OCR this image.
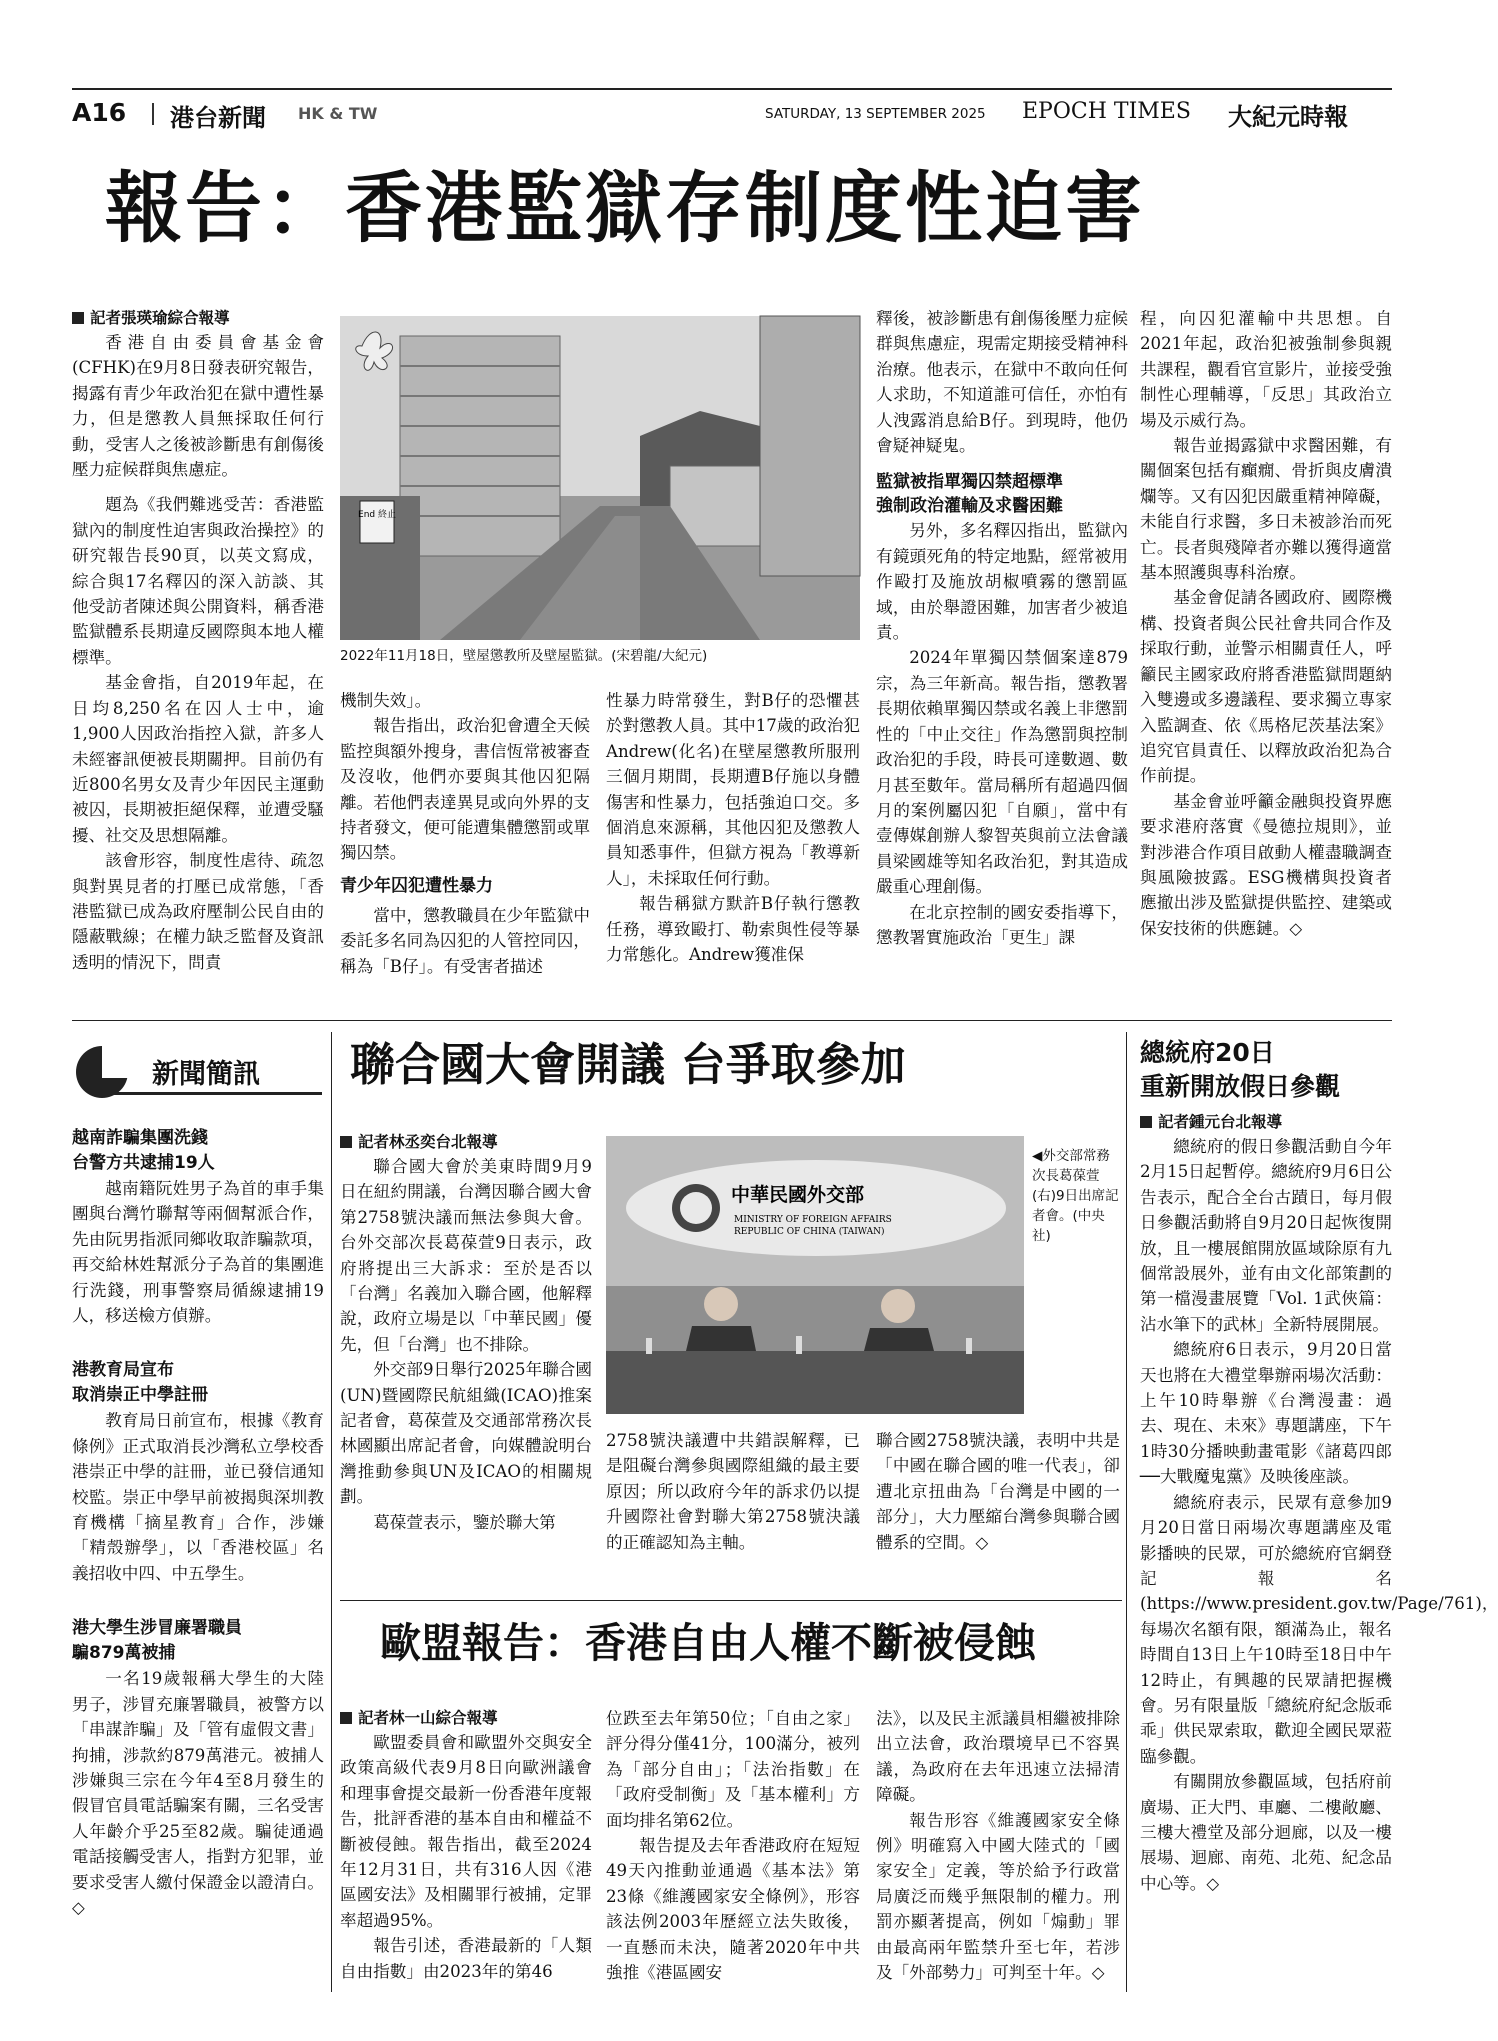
A16 港台新聞 HK & TW	SATURDAY, 13 SEPTEMBER 2025 EPOCH TIMES 大紀元時報
報告：香港監獄存制度性迫害
記者張瑛瑜綜合報導

香港自由委員會基金會(CFHK)在9月8日發表研究報告，揭露有青少年政治犯在獄中遭性暴力，但是懲教人員無採取任何行動，受害人之後被診斷患有創傷後壓力症候群與焦慮症。

題為《我們難逃受苦：香港監獄內的制度性迫害與政治操控》的研究報告長90頁，以英文寫成，綜合與17名釋囚的深入訪談、其他受訪者陳述與公開資料，稱香港監獄體系長期違反國際與本地人權標準。

基金會指，自2019年起，在日均8,250名在囚人士中，逾1,900人因政治指控入獄，許多人未經審訊便被長期關押。目前仍有近800名男女及青少年因民主運動被囚，長期被拒絕保釋，並遭受騷擾、社交及思想隔離。

該會形容，制度性虐待、疏忽與對異見者的打壓已成常態，「香港監獄已成為政府壓制公民自由的隱蔽戰線；在權力缺乏監督及資訊透明的情況下，問責

End 終止
2022年11月18日，壁屋懲教所及壁屋監獄。(宋碧龍/大紀元)

機制失效」。

報告指出，政治犯會遭全天候監控與額外搜身，書信恆常被審查及沒收，他們亦要與其他囚犯隔離。若他們表達異見或向外界的支持者發文，便可能遭集體懲罰或單獨囚禁。

青少年囚犯遭性暴力

當中，懲教職員在少年監獄中委託多名同為囚犯的人管控同囚，稱為「B仔」。有受害者描述

性暴力時常發生，對B仔的恐懼甚於對懲教人員。其中17歲的政治犯Andrew(化名)在壁屋懲教所服刑三個月期間，長期遭B仔施以身體傷害和性暴力，包括強迫口交。多個消息來源稱，其他囚犯及懲教人員知悉事件，但獄方視為「教導新人」，未採取任何行動。

報告稱獄方默許B仔執行懲教任務，導致毆打、勒索與性侵等暴力常態化。Andrew獲准保

釋後，被診斷患有創傷後壓力症候群與焦慮症，現需定期接受精神科治療。他表示，在獄中不敢向任何人求助，不知道誰可信任，亦怕有人洩露消息給B仔。到現時，他仍會疑神疑鬼。

監獄被指單獨囚禁超標準
強制政治灌輸及求醫困難

另外，多名釋囚指出，監獄內有鏡頭死角的特定地點，經常被用作毆打及施放胡椒噴霧的懲罰區域，由於舉證困難，加害者少被追責。

2024年單獨囚禁個案達879宗，為三年新高。報告指，懲教署長期依賴單獨囚禁或名義上非懲罰性的「中止交往」作為懲罰與控制政治犯的手段，時長可達數週、數月甚至數年。當局稱所有超過四個月的案例屬囚犯「自願」，當中有壹傳媒創辦人黎智英與前立法會議員梁國雄等知名政治犯，對其造成嚴重心理創傷。

在北京控制的國安委指導下，懲教署實施政治「更生」課

程，向囚犯灌輸中共思想。自2021年起，政治犯被強制參與親共課程，觀看官宣影片，並接受強制性心理輔導，「反思」其政治立場及示威行為。

報告並揭露獄中求醫困難，有關個案包括有癲癇、骨折與皮膚潰爛等。又有囚犯因嚴重精神障礙，未能自行求醫，多日未被診治而死亡。長者與殘障者亦難以獲得適當基本照護與專科治療。

基金會促請各國政府、國際機構、投資者與公民社會共同合作及採取行動，並警示相關責任人，呼籲民主國家政府將香港監獄問題納入雙邊或多邊議程、要求獨立專家入監調查、依《馬格尼茨基法案》追究官員責任、以釋放政治犯為合作前提。

基金會並呼籲金融與投資界應要求港府落實《曼德拉規則》，並對涉港合作項目啟動人權盡職調查與風險披露。ESG機構與投資者應撤出涉及監獄提供監控、建築或保安技術的供應鏈。◇

新聞簡訊
越南詐騙集團洗錢
台警方共逮捕19人

越南籍阮姓男子為首的車手集團與台灣竹聯幫等兩個幫派合作，先由阮男指派同鄉收取詐騙款項，再交給林姓幫派分子為首的集團進行洗錢，刑事警察局循線逮捕19人，移送檢方偵辦。

港教育局宣布
取消崇正中學註冊

教育局日前宣布，根據《教育條例》正式取消長沙灣私立學校香港崇正中學的註冊，並已發信通知校監。崇正中學早前被揭與深圳教育機構「摘星教育」合作，涉嫌「精殼辦學」，以「香港校區」名義招收中四、中五學生。

港大學生涉冒廉署職員
騙879萬被捕

一名19歲報稱大學生的大陸男子，涉冒充廉署職員，被警方以「串謀詐騙」及「管有虛假文書」拘捕，涉款約879萬港元。被捕人涉嫌與三宗在今年4至8月發生的假冒官員電話騙案有關，三名受害人年齡介乎25至82歲。騙徒通過電話接觸受害人，指對方犯罪，並要求受害人繳付保證金以證清白。◇

聯合國大會開議 台爭取參加
記者林丞奕台北報導

聯合國大會於美東時間9月9日在紐約開議，台灣因聯合國大會第2758號決議而無法參與大會。台外交部次長葛葆萱9日表示，政府將提出三大訴求：至於是否以「台灣」名義加入聯合國，他解釋說，政府立場是以「中華民國」優先，但「台灣」也不排除。

外交部9日舉行2025年聯合國(UN)暨國際民航組織(ICAO)推案記者會，葛葆萱及交通部常務次長林國顯出席記者會，向媒體說明台灣推動參與UN及ICAO的相關規劃。

葛葆萱表示，鑒於聯大第

中華民國外交部
MINISTRY OF FOREIGN AFFAIRS
REPUBLIC OF CHINA (TAIWAN)
◀外交部常務次長葛葆萱(右)9日出席記者會。(中央社)

2758號決議遭中共錯誤解釋，已是阻礙台灣參與國際組織的最主要原因；所以政府今年的訴求仍以提升國際社會對聯大第2758號決議的正確認知為主軸。

聯合國2758號決議，表明中共是「中國在聯合國的唯一代表」，卻遭北京扭曲為「台灣是中國的一部分」，大力壓縮台灣參與聯合國體系的空間。◇

歐盟報告：香港自由人權不斷被侵蝕
記者林一山綜合報導

歐盟委員會和歐盟外交與安全政策高級代表9月8日向歐洲議會和理事會提交最新一份香港年度報告，批評香港的基本自由和權益不斷被侵蝕。報告指出，截至2024年12月31日，共有316人因《港區國安法》及相關罪行被捕，定罪率超過95%。

報告引述，香港最新的「人類自由指數」由2023年的第46

位跌至去年第50位；「自由之家」評分得分僅41分，100滿分，被列為「部分自由」；「法治指數」在「政府受制衡」及「基本權利」方面均排名第62位。

報告提及去年香港政府在短短49天內推動並通過《基本法》第23條《維護國家安全條例》，形容該法例2003年歷經立法失敗後，一直懸而未決，隨著2020年中共強推《港區國安

法》，以及民主派議員相繼被排除出立法會，政治環境早已不容異議，為政府在去年迅速立法掃清障礙。

報告形容《維護國家安全條例》明確寫入中國大陸式的「國家安全」定義，等於給予行政當局廣泛而幾乎無限制的權力。刑罰亦顯著提高，例如「煽動」罪由最高兩年監禁升至七年，若涉及「外部勢力」可判至十年。◇

總統府20日
重新開放假日參觀
記者鍾元台北報導

總統府的假日參觀活動自今年2月15日起暫停。總統府9月6日公告表示，配合全台古蹟日，每月假日參觀活動將自9月20日起恢復開放，且一樓展館開放區域除原有九個常設展外，並有由文化部策劃的第一檔漫畫展覽「Vol. 1武俠篇：沾水筆下的武林」全新特展開展。

總統府6日表示，9月20日當天也將在大禮堂舉辦兩場次活動：上午10時舉辦《台灣漫畫：過去、現在、未來》專題講座，下午1時30分播映動畫電影《諸葛四郎──大戰魔鬼黨》及映後座談。

總統府表示，民眾有意參加9月20日當日兩場次專題講座及電影播映的民眾，可於總統府官網登記報名(https://www.president.gov.tw/Page/761)，每場次名額有限，額滿為止，報名時間自13日上午10時至18日中午12時止，有興趣的民眾請把握機會。另有限量版「總統府紀念版乖乖」供民眾索取，歡迎全國民眾蒞臨參觀。

有關開放參觀區域，包括府前廣場、正大門、車廳、二樓敞廳、三樓大禮堂及部分迴廊，以及一樓展場、迴廊、南苑、北苑、紀念品中心等。◇
